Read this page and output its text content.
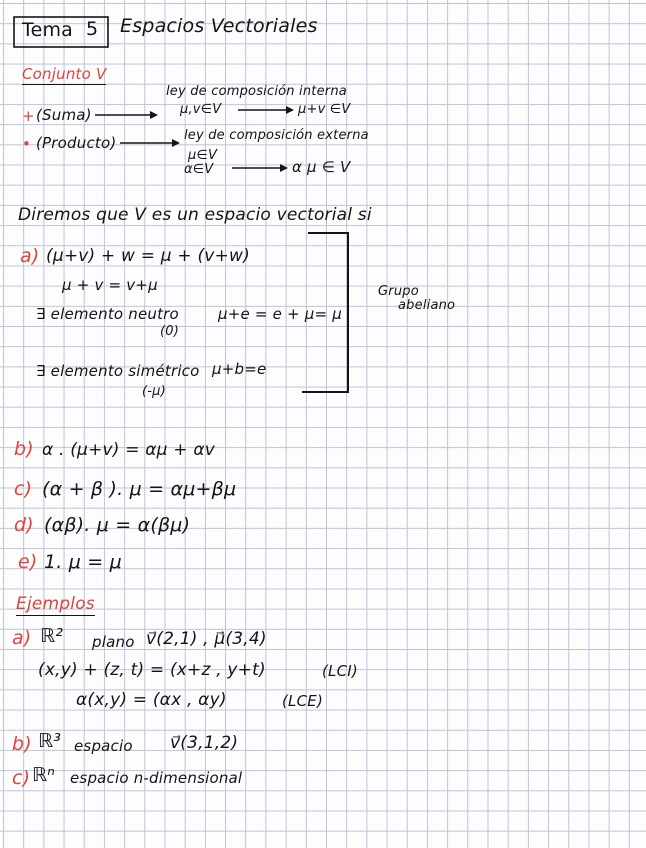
Tema 5 Espacios Vectoriales
Conjunto V
+ (Suma)
ley de composición interna
μ,v∈V	μ+v ∈V
• (Producto)	ley de composición externa
μ∈V
α∈V	α μ ∈ V
Diremos que V es un espacio vectorial si
a) (μ+v) + w = μ + (v+w)
μ + v = v+μ
∃ elemento neutro
(0)
μ+e = e + μ= μ
∃ elemento simétrico
(-μ)
μ+b=e
Grupo
abeliano
b) α . (μ+v) = αμ + αv
c) (α + β ). μ = αμ+βμ
d) (αβ). μ = α(βμ)
e) 1. μ = μ
Ejemplos
a) ℝ² plano v⃗(2,1) , μ⃗(3,4)
(x,y) + (z, t) = (x+z , y+t)	(LCI)
α(x,y) = (αx , αy)	(LCE)
b) ℝ³ espacio v⃗(3,1,2)
c) ℝⁿ espacio n-dimensional
